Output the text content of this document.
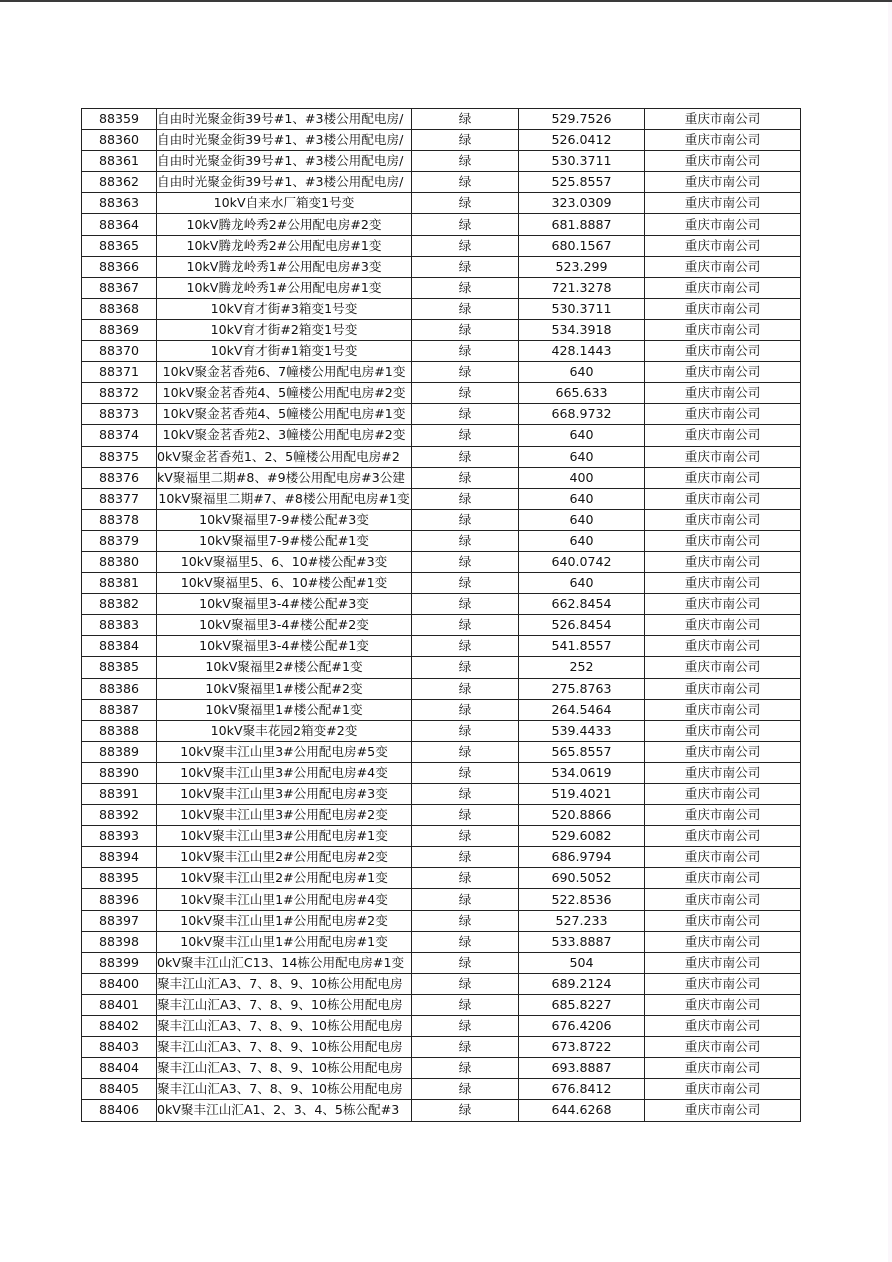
88359	/自由时光聚金街39号#1、#3楼公用配电房	绿	529.7526	重庆市南公司
88360	/自由时光聚金街39号#1、#3楼公用配电房	绿	526.0412	重庆市南公司
88361	/自由时光聚金街39号#1、#3楼公用配电房	绿	530.3711	重庆市南公司
88362	/自由时光聚金街39号#1、#3楼公用配电房	绿	525.8557	重庆市南公司
88363	10kV自来水厂箱变1号变	绿	323.0309	重庆市南公司
88364	10kV腾龙岭秀2#公用配电房#2变	绿	681.8887	重庆市南公司
88365	10kV腾龙岭秀2#公用配电房#1变	绿	680.1567	重庆市南公司
88366	10kV腾龙岭秀1#公用配电房#3变	绿	523.299	重庆市南公司
88367	10kV腾龙岭秀1#公用配电房#1变	绿	721.3278	重庆市南公司
88368	10kV育才街#3箱变1号变	绿	530.3711	重庆市南公司
88369	10kV育才街#2箱变1号变	绿	534.3918	重庆市南公司
88370	10kV育才街#1箱变1号变	绿	428.1443	重庆市南公司
88371	10kV聚金茗香苑6、7幢楼公用配电房#1变	绿	640	重庆市南公司
88372	10kV聚金茗香苑4、5幢楼公用配电房#2变	绿	665.633	重庆市南公司
88373	10kV聚金茗香苑4、5幢楼公用配电房#1变	绿	668.9732	重庆市南公司
88374	10kV聚金茗香苑2、3幢楼公用配电房#2变	绿	640	重庆市南公司
88375	0kV聚金茗香苑1、2、5幢楼公用配电房#2	绿	640	重庆市南公司
88376	kV聚福里二期#8、#9楼公用配电房#3公建	绿	400	重庆市南公司
88377	10kV聚福里二期#7、#8楼公用配电房#1变	绿	640	重庆市南公司
88378	10kV聚福里7-9#楼公配#3变	绿	640	重庆市南公司
88379	10kV聚福里7-9#楼公配#1变	绿	640	重庆市南公司
88380	10kV聚福里5、6、10#楼公配#3变	绿	640.0742	重庆市南公司
88381	10kV聚福里5、6、10#楼公配#1变	绿	640	重庆市南公司
88382	10kV聚福里3-4#楼公配#3变	绿	662.8454	重庆市南公司
88383	10kV聚福里3-4#楼公配#2变	绿	526.8454	重庆市南公司
88384	10kV聚福里3-4#楼公配#1变	绿	541.8557	重庆市南公司
88385	10kV聚福里2#楼公配#1变	绿	252	重庆市南公司
88386	10kV聚福里1#楼公配#2变	绿	275.8763	重庆市南公司
88387	10kV聚福里1#楼公配#1变	绿	264.5464	重庆市南公司
88388	10kV聚丰花园2箱变#2变	绿	539.4433	重庆市南公司
88389	10kV聚丰江山里3#公用配电房#5变	绿	565.8557	重庆市南公司
88390	10kV聚丰江山里3#公用配电房#4变	绿	534.0619	重庆市南公司
88391	10kV聚丰江山里3#公用配电房#3变	绿	519.4021	重庆市南公司
88392	10kV聚丰江山里3#公用配电房#2变	绿	520.8866	重庆市南公司
88393	10kV聚丰江山里3#公用配电房#1变	绿	529.6082	重庆市南公司
88394	10kV聚丰江山里2#公用配电房#2变	绿	686.9794	重庆市南公司
88395	10kV聚丰江山里2#公用配电房#1变	绿	690.5052	重庆市南公司
88396	10kV聚丰江山里1#公用配电房#4变	绿	522.8536	重庆市南公司
88397	10kV聚丰江山里1#公用配电房#2变	绿	527.233	重庆市南公司
88398	10kV聚丰江山里1#公用配电房#1变	绿	533.8887	重庆市南公司
88399	0kV聚丰江山汇C13、14栋公用配电房#1变	绿	504	重庆市南公司
88400	聚丰江山汇A3、7、8、9、10栋公用配电房	绿	689.2124	重庆市南公司
88401	聚丰江山汇A3、7、8、9、10栋公用配电房	绿	685.8227	重庆市南公司
88402	聚丰江山汇A3、7、8、9、10栋公用配电房	绿	676.4206	重庆市南公司
88403	聚丰江山汇A3、7、8、9、10栋公用配电房	绿	673.8722	重庆市南公司
88404	聚丰江山汇A3、7、8、9、10栋公用配电房	绿	693.8887	重庆市南公司
88405	聚丰江山汇A3、7、8、9、10栋公用配电房	绿	676.8412	重庆市南公司
88406	0kV聚丰江山汇A1、2、3、4、5栋公配#3	绿	644.6268	重庆市南公司
